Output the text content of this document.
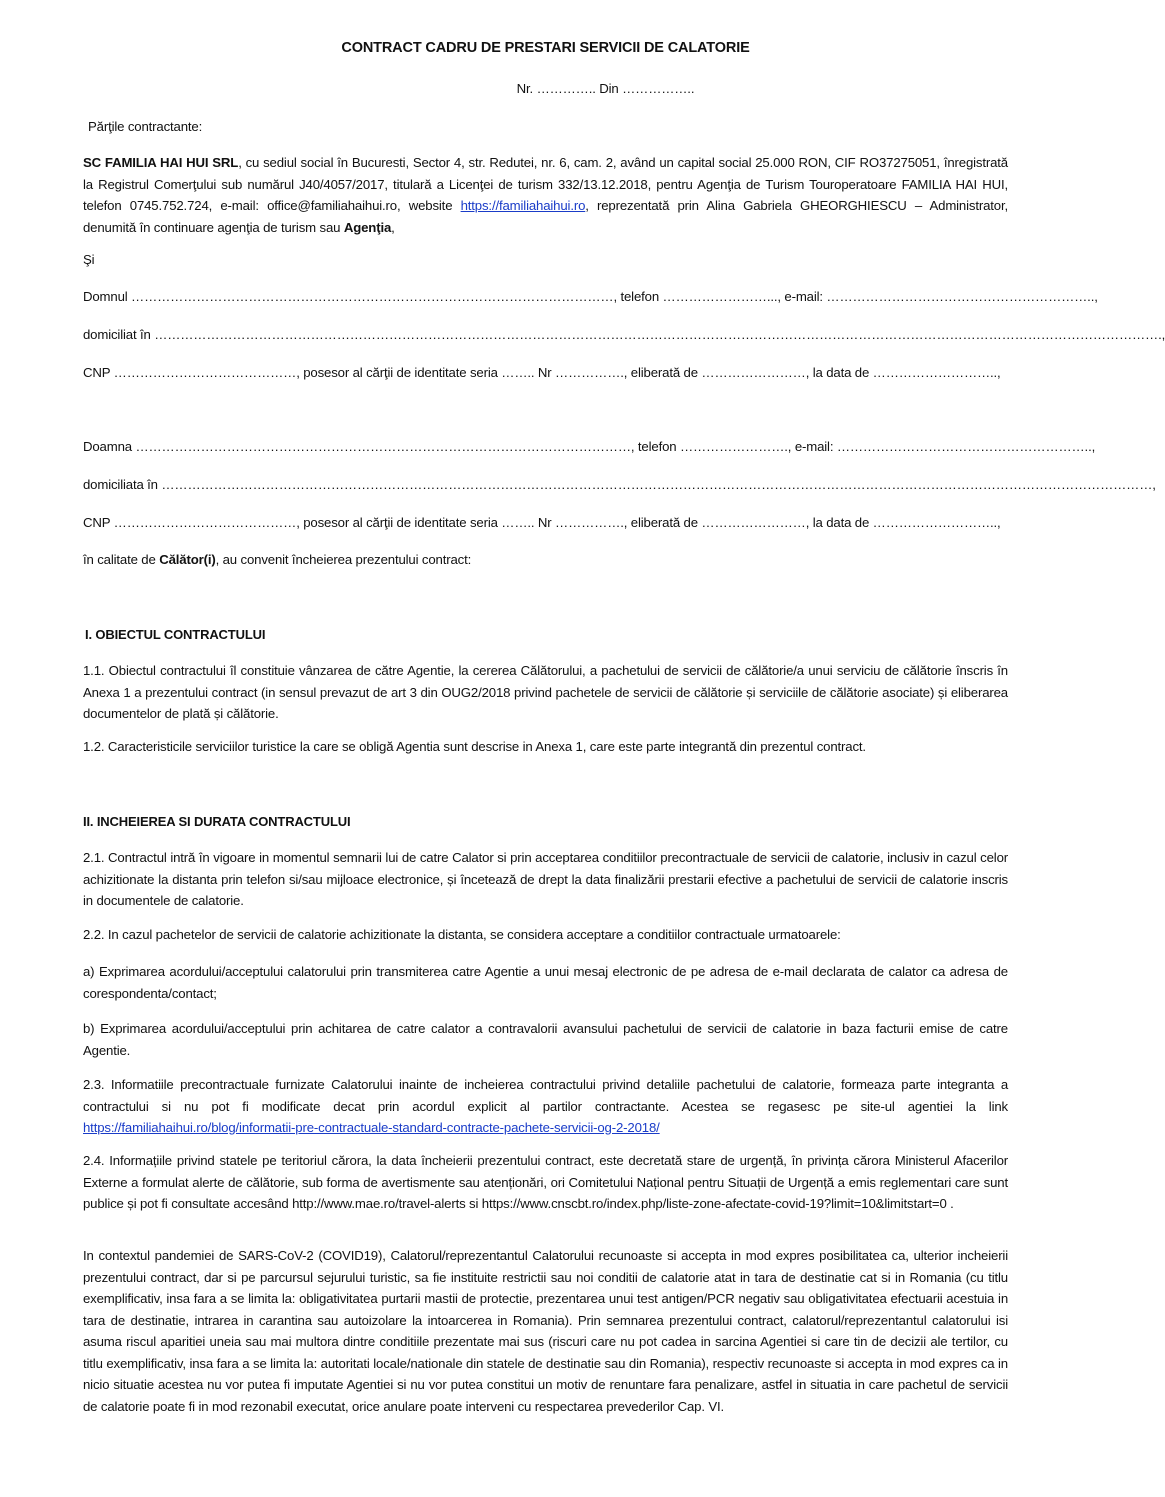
CONTRACT CADRU DE PRESTARI SERVICII DE CALATORIE
Nr. ………….. Din ……………..
Părţile contractante:
SC FAMILIA HAI HUI SRL, cu sediul social în Bucuresti, Sector 4, str. Redutei, nr. 6, cam. 2, având un capital social 25.000 RON, CIF RO37275051, înregistrată la Registrul Comerţului sub numărul J40/4057/2017, titulară a Licenţei de turism 332/13.12.2018, pentru Agenţia de Turism Touroperatoare FAMILIA HAI HUI, telefon 0745.752.724, e-mail: office@familiahaihui.ro, website https://familiahaihui.ro, reprezentată prin Alina Gabriela GHEORGHIESCU – Administrator, denumită în continuare agenţia de turism sau Agenţia,
Şi
Domnul …………………………………………………………………………………………………, telefon ……………………..., e-mail: ……………………………………………………..,
domiciliat în …………………………………………………………………………………………………………………………………………………………………………………………………………….,
CNP ……………………………………, posesor al cărţii de identitate seria …….. Nr ……………., eliberată de ……………………, la data de ………………………..,
Doamna ……………………………………………………………………………………………………, telefon ……………………., e-mail: …………………………………………………..,
domiciliata în …………………………………………………………………………………………………………………………………………………………………………………………………………,
CNP ……………………………………, posesor al cărţii de identitate seria …….. Nr ……………., eliberată de ……………………, la data de ………………………..,
în calitate de Călător(i), au convenit încheierea prezentului contract:
I. OBIECTUL CONTRACTULUI
1.1. Obiectul contractului îl constituie vânzarea de către Agentie, la cererea Călătorului, a pachetului de servicii de călătorie/a unui serviciu de călătorie înscris în Anexa 1 a prezentului contract (in sensul prevazut de art 3 din OUG2/2018 privind pachetele de servicii de călătorie și serviciile de călătorie asociate) și eliberarea documentelor de plată și călătorie.
1.2. Caracteristicile serviciilor turistice la care se obligă Agentia sunt descrise in Anexa 1, care este parte integrantă din prezentul contract.
II. INCHEIEREA SI DURATA CONTRACTULUI
2.1. Contractul intră în vigoare in momentul semnarii lui de catre Calator si prin acceptarea conditiilor precontractuale de servicii de calatorie, inclusiv in cazul celor achizitionate la distanta prin telefon si/sau mijloace electronice, și încetează de drept la data finalizării prestarii efective a pachetului de servicii de calatorie inscris in documentele de calatorie.
2.2. In cazul pachetelor de servicii de calatorie achizitionate la distanta, se considera acceptare a conditiilor contractuale urmatoarele:
a) Exprimarea acordului/acceptului calatorului prin transmiterea catre Agentie a unui mesaj electronic de pe adresa de e-mail declarata de calator ca adresa de corespondenta/contact;
b) Exprimarea acordului/acceptului prin achitarea de catre calator a contravalorii avansului pachetului de servicii de calatorie in baza facturii emise de catre Agentie.
2.3. Informatiile precontractuale furnizate Calatorului inainte de incheierea contractului privind detaliile pachetului de calatorie, formeaza parte integranta a contractului si nu pot fi modificate decat prin acordul explicit al partilor contractante. Acestea se regasesc pe site-ul agentiei la link https://familiahaihui.ro/blog/informatii-pre-contractuale-standard-contracte-pachete-servicii-og-2-2018/
2.4. Informațiile privind statele pe teritoriul cărora, la data încheierii prezentului contract, este decretată stare de urgență, în privința cărora Ministerul Afacerilor Externe a formulat alerte de călătorie, sub forma de avertismente sau atenționări, ori Comitetului Național pentru Situații de Urgență a emis reglementari care sunt publice și pot fi consultate accesând http://www.mae.ro/travel-alerts si https://www.cnscbt.ro/index.php/liste-zone-afectate-covid-19?limit=10&limitstart=0 .
In contextul pandemiei de SARS-CoV-2 (COVID19), Calatorul/reprezentantul Calatorului recunoaste si accepta in mod expres posibilitatea ca, ulterior incheierii prezentului contract, dar si pe parcursul sejurului turistic, sa fie instituite restrictii sau noi conditii de calatorie atat in tara de destinatie cat si in Romania (cu titlu exemplificativ, insa fara a se limita la: obligativitatea purtarii mastii de protectie, prezentarea unui test antigen/PCR negativ sau obligativitatea efectuarii acestuia in tara de destinatie, intrarea in carantina sau autoizolare la intoarcerea in Romania). Prin semnarea prezentului contract, calatorul/reprezentantul calatorului isi asuma riscul aparitiei uneia sau mai multora dintre conditiile prezentate mai sus (riscuri care nu pot cadea in sarcina Agentiei si care tin de decizii ale tertilor, cu titlu exemplificativ, insa fara a se limita la: autoritati locale/nationale din statele de destinatie sau din Romania), respectiv recunoaste si accepta in mod expres ca in nicio situatie acestea nu vor putea fi imputate Agentiei si nu vor putea constitui un motiv de renuntare fara penalizare, astfel in situatia in care pachetul de servicii de calatorie poate fi in mod rezonabil executat, orice anulare poate interveni cu respectarea prevederilor Cap. VI.
